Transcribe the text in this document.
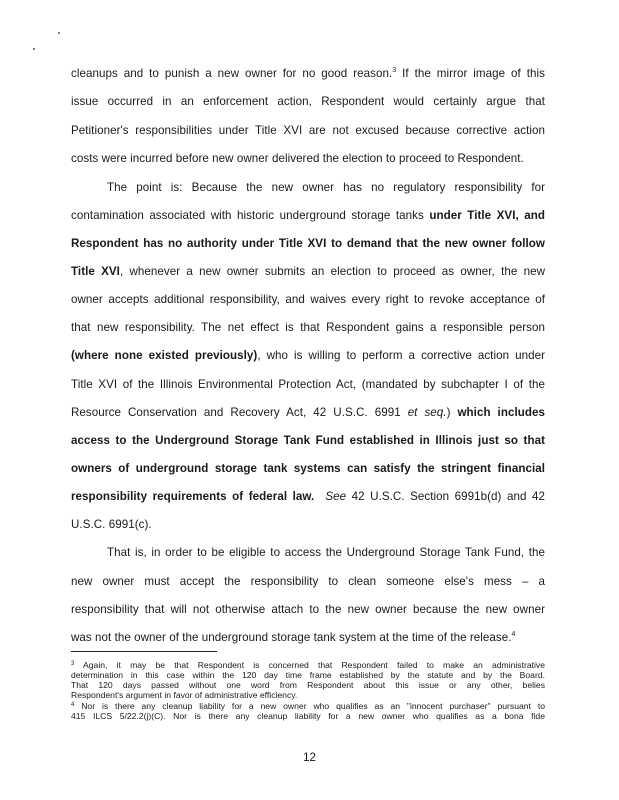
cleanups and to punish a new owner for no good reason.$^3$ If the mirror image of this
issue occurred in an enforcement action, Respondent would certainly argue that
Petitioner's responsibilities under Title XVI are not excused because corrective action
costs were incurred before new owner delivered the election to proceed to Respondent.
The point is: Because the new owner has no regulatory responsibility for
contamination associated with historic underground storage tanks under Title XVI, and
Respondent has no authority under Title XVI to demand that the new owner follow
Title XVI, whenever a new owner submits an election to proceed as owner, the new
owner accepts additional responsibility, and waives every right to revoke acceptance of
that new responsibility. The net effect is that Respondent gains a responsible person
(where none existed previously), who is willing to perform a corrective action under
Title XVI of the Illinois Environmental Protection Act, (mandated by subchapter I of the
Resource Conservation and Recovery Act, 42 U.S.C. 6991 et seq.) which includes
access to the Underground Storage Tank Fund established in Illinois just so that
owners of underground storage tank systems can satisfy the stringent financial
responsibility requirements of federal law. See 42 U.S.C. Section 6991b(d) and 42
U.S.C. 6991(c).
That is, in order to be eligible to access the Underground Storage Tank Fund, the
new owner must accept the responsibility to clean someone else's mess – a
responsibility that will not otherwise attach to the new owner because the new owner
was not the owner of the underground storage tank system at the time of the release.$^4$
$^3$ Again, it may be that Respondent is concerned that Respondent failed to make an administrative
determination in this case within the 120 day time frame established by the statute and by the Board.
That 120 days passed without one word from Respondent about this issue or any other, belies
Respondent's argument in favor of administrative efficiency.
$^4$ Nor is there any cleanup liability for a new owner who qualifies as an "innocent purchaser" pursuant to
415 ILCS 5/22.2(j)(C). Nor is there any cleanup liability for a new owner who qualifies as a bona fide
12
